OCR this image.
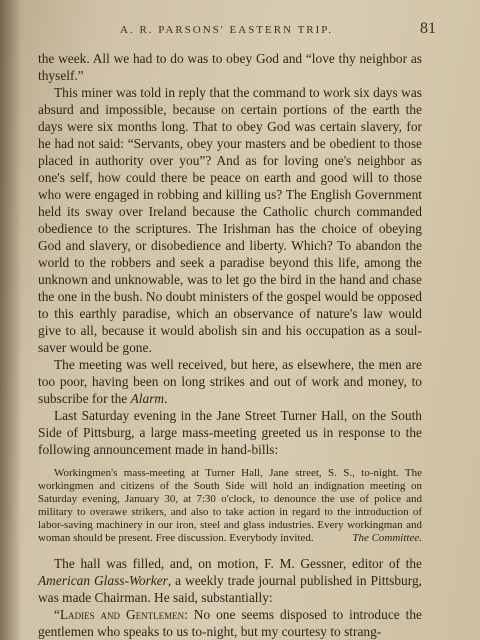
A. R. PARSONS' EASTERN TRIP.	81

the week. All we had to do was to obey God and “love thy neighbor as thyself.”

This miner was told in reply that the command to work six days was absurd and impossible, because on certain portions of the earth the days were six months long. That to obey God was certain slavery, for he had not said: “Servants, obey your masters and be obedient to those placed in authority over you”? And as for loving one's neighbor as one's self, how could there be peace on earth and good will to those who were engaged in robbing and killing us? The English Government held its sway over Ireland because the Catholic church commanded obedience to the scriptures. The Irishman has the choice of obeying God and slavery, or disobedience and liberty. Which? To abandon the world to the robbers and seek a paradise beyond this life, among the unknown and unknowable, was to let go the bird in the hand and chase the one in the bush. No doubt ministers of the gospel would be opposed to this earthly paradise, which an observance of nature's law would give to all, because it would abolish sin and his occupation as a soul-saver would be gone.

The meeting was well received, but here, as elsewhere, the men are too poor, having been on long strikes and out of work and money, to subscribe for the Alarm.

Last Saturday evening in the Jane Street Turner Hall, on the South Side of Pittsburg, a large mass-meeting greeted us in response to the following announcement made in hand-bills:

Workingmen's mass-meeting at Turner Hall, Jane street, S. S., to-night. The workingmen and citizens of the South Side will hold an indignation meeting on Saturday evening, January 30, at 7:30 o'clock, to denounce the use of police and military to overawe strikers, and also to take action in regard to the introduction of labor-saving machinery in our iron, steel and glass industries. Every workingman and woman should be present. Free discussion. Everybody invited.	The Committee.

The hall was filled, and, on motion, F. M. Gessner, editor of the American Glass-Worker, a weekly trade journal published in Pittsburg, was made Chairman. He said, substantially:

“Ladies and Gentlemen: No one seems disposed to introduce the gentlemen who speaks to us to-night, but my courtesy to strang-
